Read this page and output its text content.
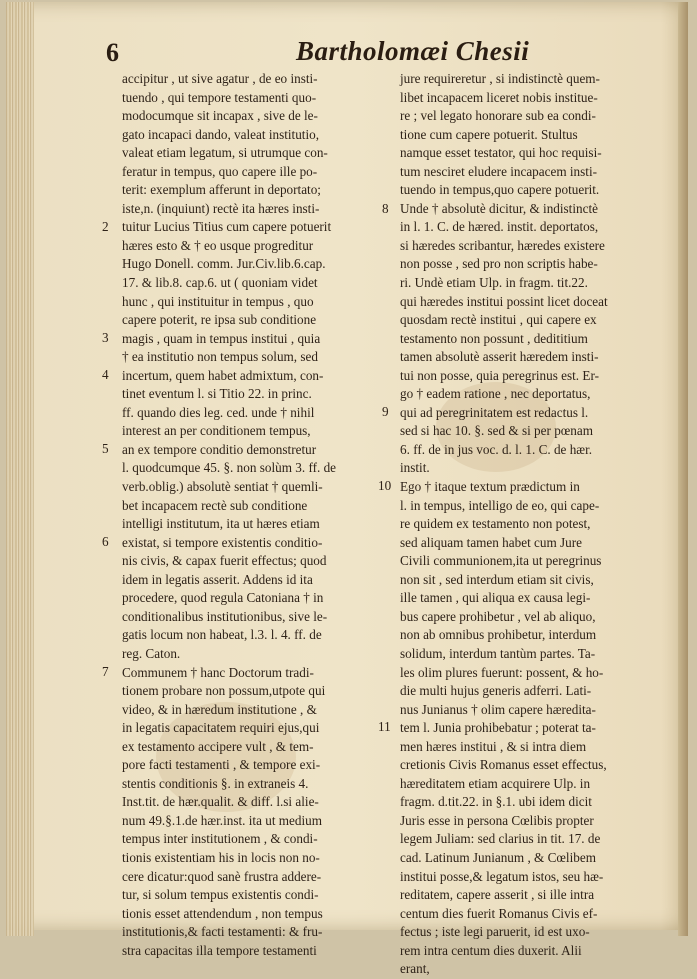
6	Bartholomæi Chesii
accipitur , ut sive agatur , de eo insti-
tuendo , qui tempore testamenti quo-
modocumque sit incapax , sive de le-
gato incapaci dando, valeat institutio,
valeat etiam legatum, si utrumque con-
feratur in tempus, quo capere ille po-
terit: exemplum afferunt in deportato;
iste,n. (inquiunt) rectè ita hæres insti-
tuitur Lucius Titius cum capere potuerit
hæres esto & † eo usque progreditur
Hugo Donell. comm. Jur.Civ.lib.6.cap.
17. & lib.8. cap.6. ut ( quoniam videt
hunc , qui instituitur in tempus , quo
capere poterit, re ipsa sub conditione
magis , quam in tempus institui , quia
† ea institutio non tempus solum, sed
incertum, quem habet admixtum, con-
tinet eventum l. si Titio 22. in princ.
ff. quando dies leg. ced. unde † nihil
interest an per conditionem tempus,
an ex tempore conditio demonstretur
l. quodcumque 45. §. non solùm 3. ff. de
verb.oblig.) absolutè sentiat † quemli-
bet incapacem rectè sub conditione
intelligi institutum, ita ut hæres etiam
existat, si tempore existentis conditio-
nis civis, & capax fuerit effectus; quod
idem in legatis asserit. Addens id ita
procedere, quod regula Catoniana † in
conditionalibus institutionibus, sive le-
gatis locum non habeat, l.3. l. 4. ff. de
reg. Caton.
Communem † hanc Doctorum tradi-
tionem probare non possum,utpote qui
video, & in hæredum institutione , &
in legatis capacitatem requiri ejus,qui
ex testamento accipere vult , & tem-
pore facti testamenti , & tempore exi-
stentis conditionis §. in extraneis 4.
Inst.tit. de hær.qualit. & diff. l.si alie-
num 49.§.1.de hær.inst. ita ut medium
tempus inter institutionem , & condi-
tionis existentiam his in locis non no-
cere dicatur:quod sanè frustra addere-
tur, si solum tempus existentis condi-
tionis esset attendendum , non tempus
institutionis,& facti testamenti: & fru-
stra capacitas illa tempore testamenti
jure requireretur , si indistinctè quem-
libet incapacem liceret nobis institue-
re ; vel legato honorare sub ea condi-
tione cum capere potuerit. Stultus
namque esset testator, qui hoc requisi-
tum nesciret eludere incapacem insti-
tuendo in tempus,quo capere potuerit.
Unde † absolutè dicitur, & indistinctè
in l. 1. C. de hæred. instit. deportatos,
si hæredes scribantur, hæredes existere
non posse , sed pro non scriptis habe-
ri. Undè etiam Ulp. in fragm. tit.22.
qui hæredes institui possint licet doceat
quosdam rectè institui , qui capere ex
testamento non possunt , dedititium
tamen absolutè asserit hæredem insti-
tui non posse, quia peregrinus est. Er-
go † eadem ratione , nec deportatus,
qui ad peregrinitatem est redactus l.
sed si hac 10. §. sed & si per pœnam
6. ff. de in jus voc. d. l. 1. C. de hær.
instit.
Ego † itaque textum prædictum in
l. in tempus, intelligo de eo, qui cape-
re quidem ex testamento non potest,
sed aliquam tamen habet cum Jure
Civili communionem,ita ut peregrinus
non sit , sed interdum etiam sit civis,
ille tamen , qui aliqua ex causa legi-
bus capere prohibetur , vel ab aliquo,
non ab omnibus prohibetur, interdum
solidum, interdum tantùm partes. Ta-
les olim plures fuerunt: possent, & ho-
die multi hujus generis adferri. Lati-
nus Junianus † olim capere hæredita-
tem l. Junia prohibebatur ; poterat ta-
men hæres institui , & si intra diem
cretionis Civis Romanus esset effectus,
hæreditatem etiam acquirere Ulp. in
fragm. d.tit.22. in §.1. ubi idem dicit
Juris esse in persona Cœlibis propter
legem Juliam: sed clarius in tit. 17. de
cad. Latinum Junianum , & Cœlibem
institui posse,& legatum istos, seu hæ-
reditatem, capere asserit , si ille intra
centum dies fuerit Romanus Civis ef-
fectus ; iste legi paruerit, id est uxo-
rem intra centum dies duxerit. Alii
erant,
2
3
4
5
6
7
8
9
10
11
